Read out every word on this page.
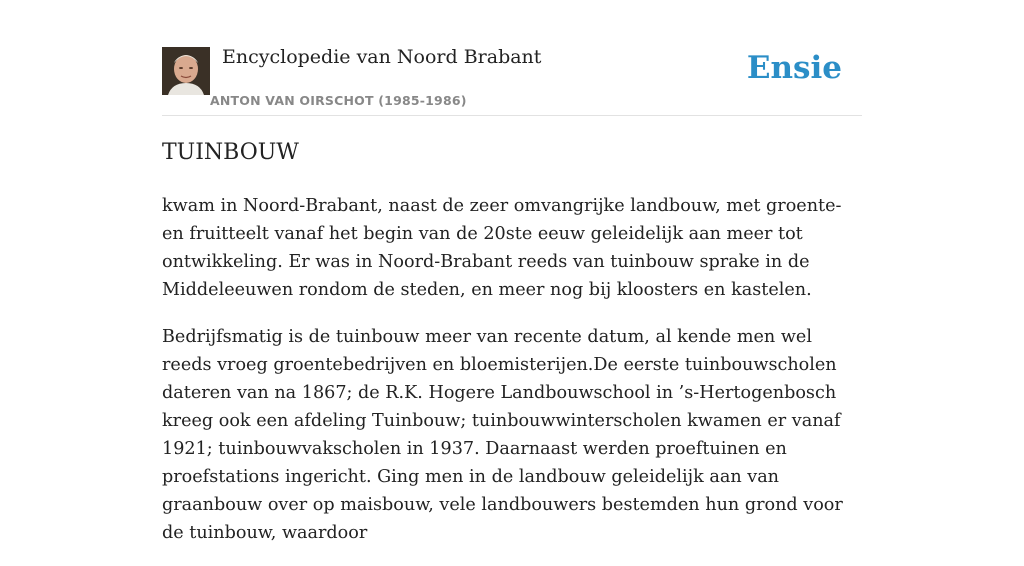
Encyclopedie van Noord Brabant
ANTON VAN OIRSCHOT (1985-1986)
Ensie
TUINBOUW

kwam in Noord-Brabant, naast de zeer omvangrijke landbouw, met groente- en fruitteelt vanaf het begin van de 20ste eeuw geleidelijk aan meer tot ontwikkeling. Er was in Noord-Brabant reeds van tuinbouw sprake in de Middeleeuwen rondom de steden, en meer nog bij kloosters en kastelen.

Bedrijfsmatig is de tuinbouw meer van recente datum, al kende men wel reeds vroeg groentebedrijven en bloemisterijen.De eerste tuinbouwscholen dateren van na 1867; de R.K. Hogere Landbouwschool in ’s-Hertogenbosch kreeg ook een afdeling Tuinbouw; tuinbouwwinterscholen kwamen er vanaf 1921; tuinbouwvakscholen in 1937. Daarnaast werden proeftuinen en proefstations ingericht. Ging men in de landbouw geleidelijk aan van graanbouw over op maisbouw, vele landbouwers bestemden hun grond voor de tuinbouw, waardoor
